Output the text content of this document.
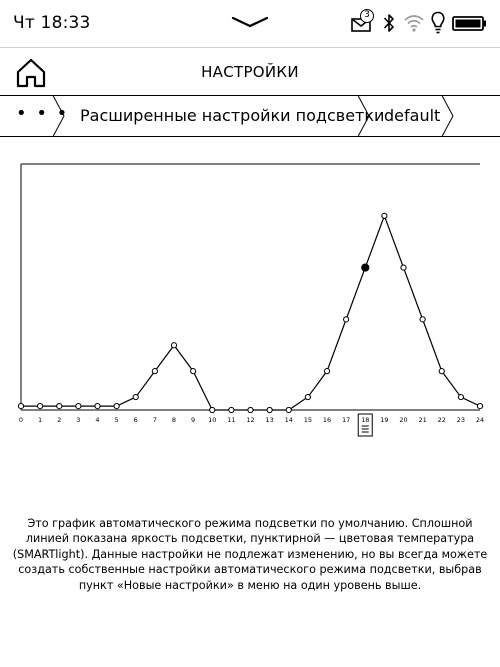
Чт 18:33	3
НАСТРОЙКИ
• • • Расширенные настройки подсветки default
0 1 2 3 4 5 6 7 8 9 10 11 12 13 14 15 16 17 18 19 20 21 22 23 24
Это график автоматического режима подсветки по умолчанию. Сплошной линией показана яркость подсветки, пунктирной — цветовая температура (SMARTlight). Данные настройки не подлежат изменению, но вы всегда можете создать собственные настройки автоматического режима подсветки, выбрав пункт «Новые настройки» в меню на один уровень выше.
